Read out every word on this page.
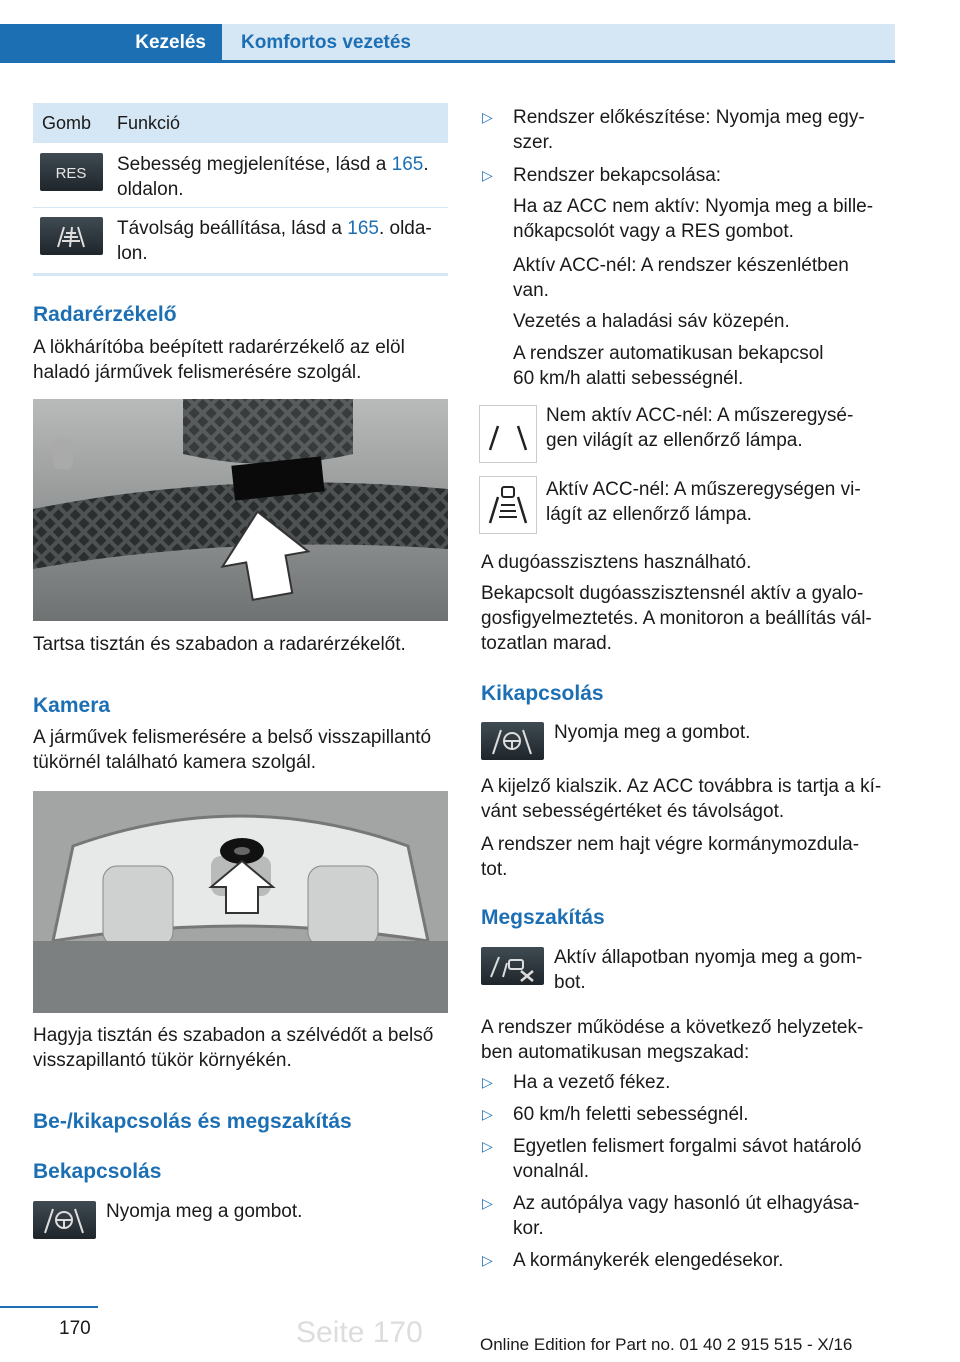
Kezelés	Komfortos vezetés
Gomb Funkció
RES Sebesség megjelenítése, lásd a 165.
oldalon.
Távolság beállítása, lásd a 165. olda-
lon.
Radarérzékelő
A lökhárítóba beépített radarérzékelő az elöl
haladó járművek felismerésére szolgál.
Tartsa tisztán és szabadon a radarérzékelőt.
Kamera
A járművek felismerésére a belső visszapillantó
tükörnél található kamera szolgál.
Hagyja tisztán és szabadon a szélvédőt a belső
visszapillantó tükör környékén.
Be-/kikapcsolás és megszakítás
Bekapcsolás
Nyomja meg a gombot.
▷ Rendszer előkészítése: Nyomja meg egy-
szer.
▷ Rendszer bekapcsolása:
Ha az ACC nem aktív: Nyomja meg a bille-
nőkapcsolót vagy a RES gombot.
Aktív ACC-nél: A rendszer készenlétben
van.
Vezetés a haladási sáv közepén.
A rendszer automatikusan bekapcsol
60 km/h alatti sebességnél.
Nem aktív ACC-nél: A műszeregysé-
gen világít az ellenőrző lámpa.
Aktív ACC-nél: A műszeregységen vi-
lágít az ellenőrző lámpa.
A dugóasszisztens használható.
Bekapcsolt dugóasszisztensnél aktív a gyalo-
gosfigyelmeztetés. A monitoron a beállítás vál-
tozatlan marad.
Kikapcsolás
Nyomja meg a gombot.
A kijelző kialszik. Az ACC továbbra is tartja a kí-
vánt sebességértéket és távolságot.
A rendszer nem hajt végre kormánymozdula-
tot.
Megszakítás
Aktív állapotban nyomja meg a gom-
bot.
A rendszer működése a következő helyzetek-
ben automatikusan megszakad:
▷ Ha a vezető fékez.
▷ 60 km/h feletti sebességnél.
▷ Egyetlen felismert forgalmi sávot határoló
vonalnál.
▷ Az autópálya vagy hasonló út elhagyása-
kor.
▷ A kormánykerék elengedésekor.
170	Seite 170	Online Edition for Part no. 01 40 2 915 515 - X/16
